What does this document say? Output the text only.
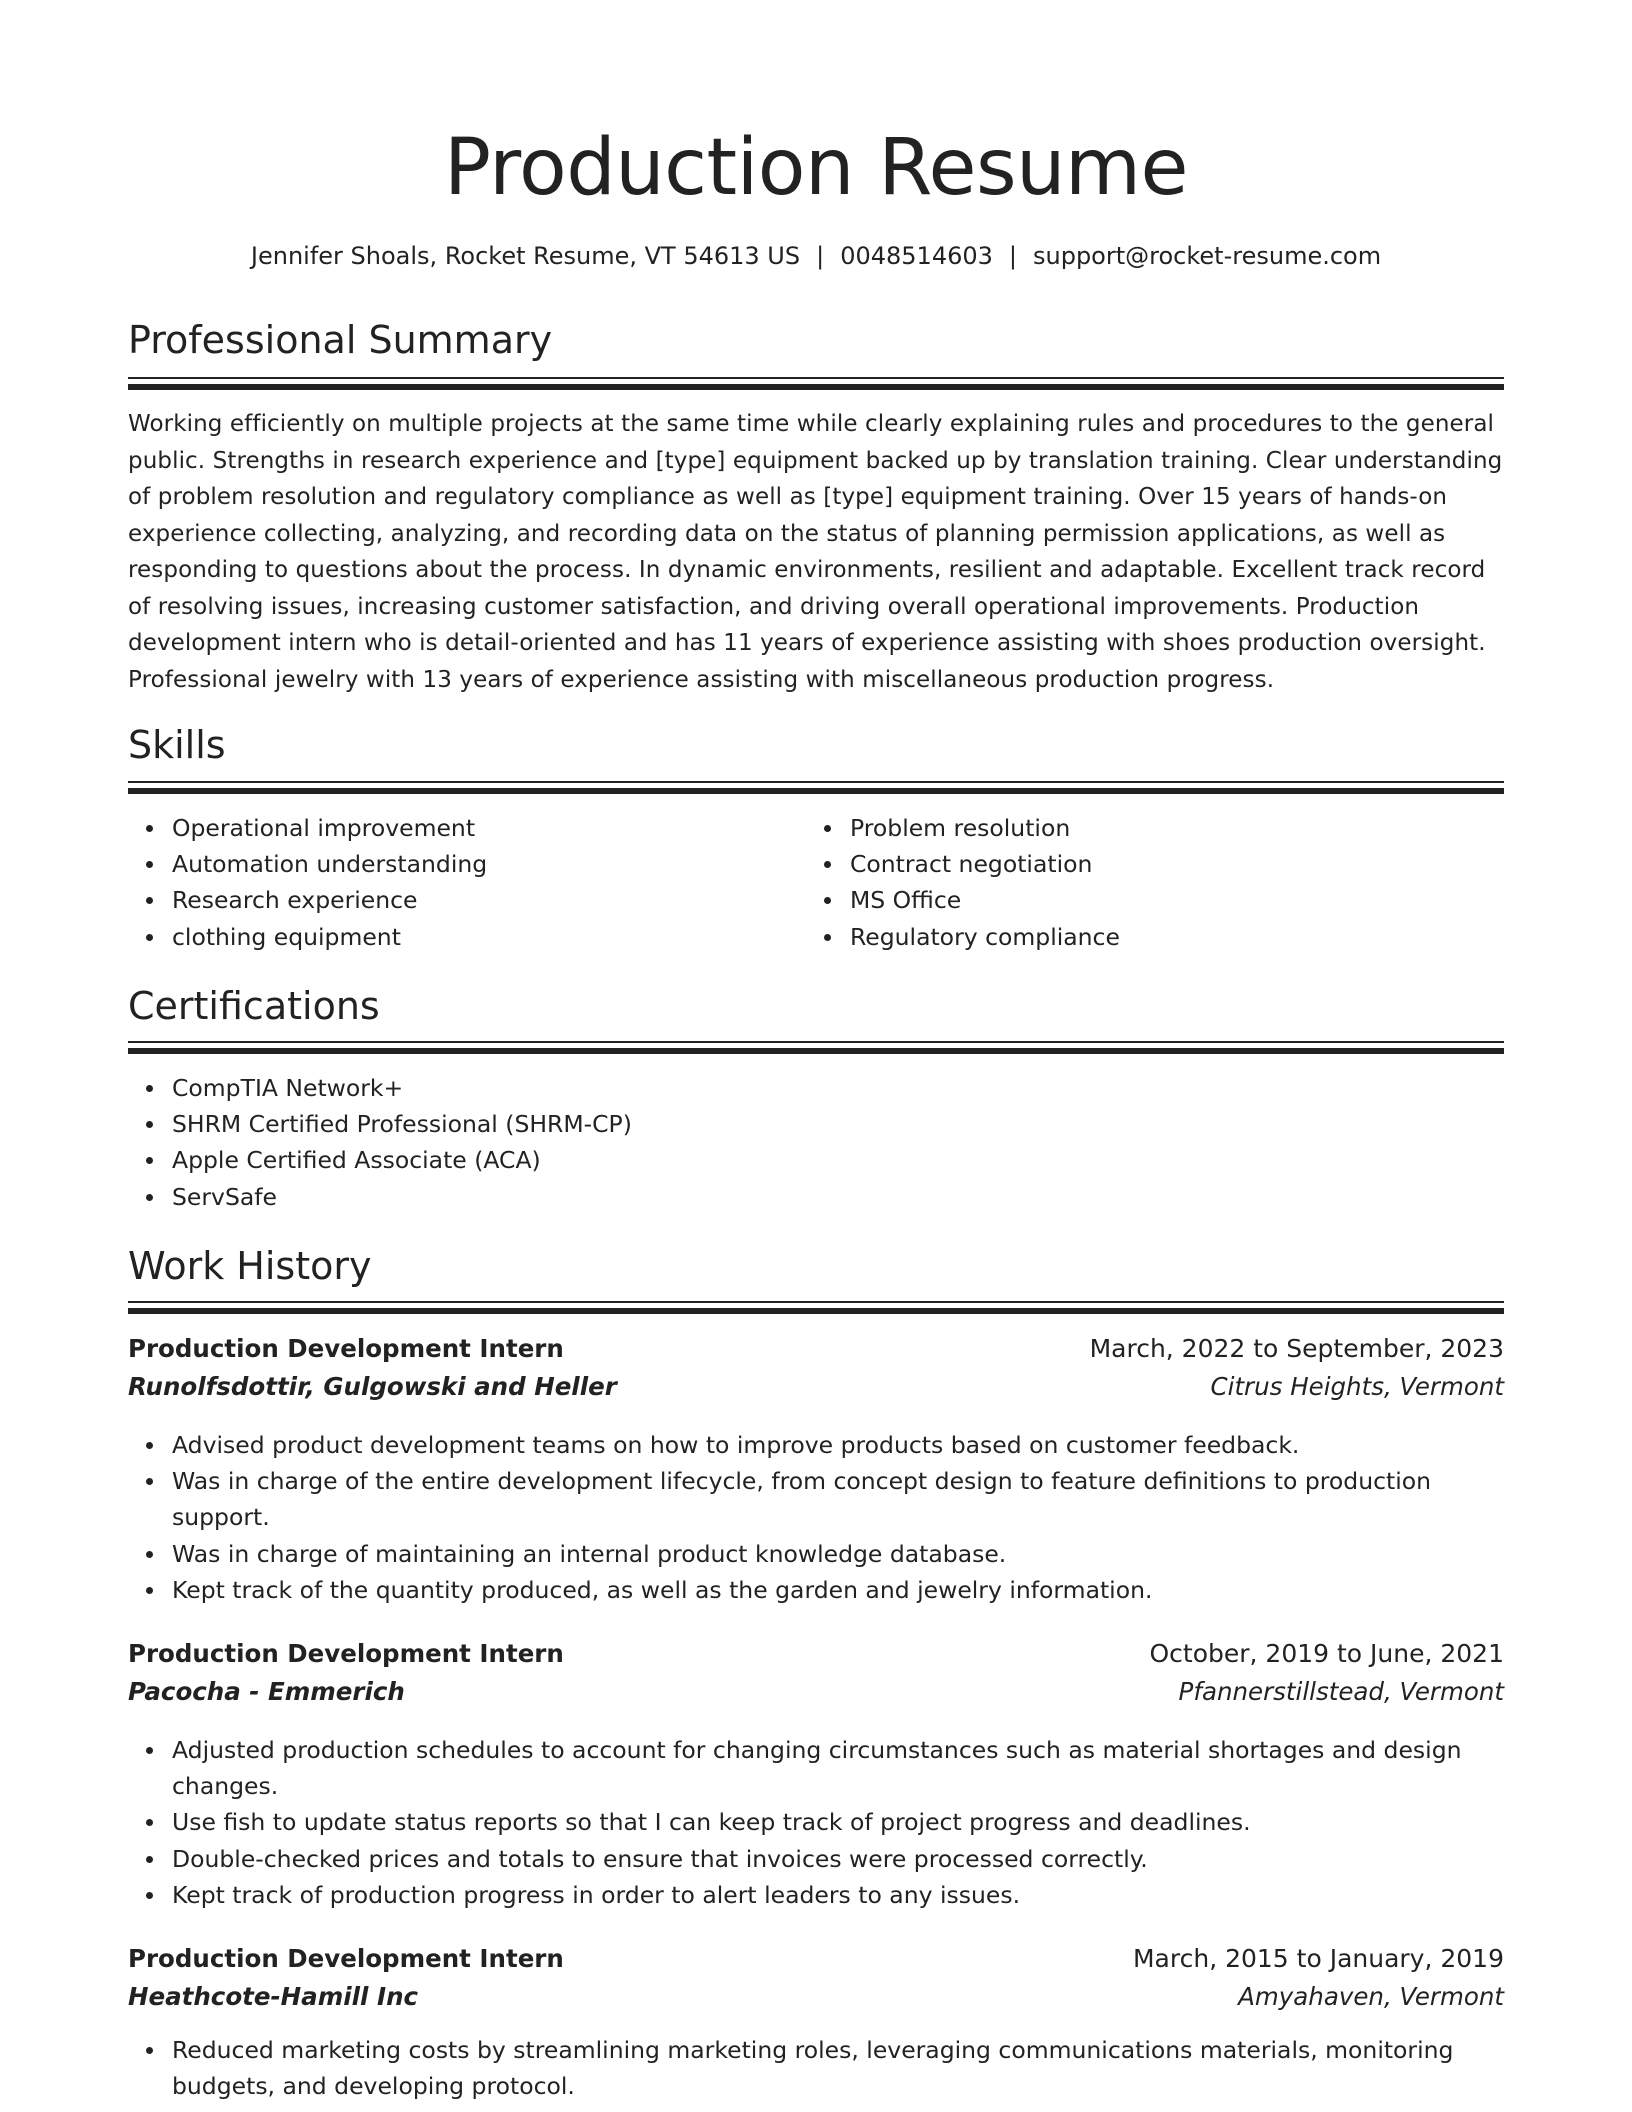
Production Resume
Jennifer Shoals, Rocket Resume, VT 54613 US | 0048514603 | support@rocket-resume.com
Professional Summary

Working efficiently on multiple projects at the same time while clearly explaining rules and procedures to the general public. Strengths in research experience and [type] equipment backed up by translation training. Clear understanding of problem resolution and regulatory compliance as well as [type] equipment training. Over 15 years of hands-on experience collecting, analyzing, and recording data on the status of planning permission applications, as well as responding to questions about the process. In dynamic environments, resilient and adaptable. Excellent track record of resolving issues, increasing customer satisfaction, and driving overall operational improvements. Production development intern who is detail-oriented and has 11 years of experience assisting with shoes production oversight. Professional jewelry with 13 years of experience assisting with miscellaneous production progress.

Skills
Operational improvement
Automation understanding
Research experience
clothing equipment
Problem resolution
Contract negotiation
MS Office
Regulatory compliance
Certifications
CompTIA Network+
SHRM Certified Professional (SHRM-CP)
Apple Certified Associate (ACA)
ServSafe
Work History
Production Development Intern	March, 2022 to September, 2023
Runolfsdottir, Gulgowski and Heller	Citrus Heights, Vermont
Advised product development teams on how to improve products based on customer feedback.
Was in charge of the entire development lifecycle, from concept design to feature definitions to production support.
Was in charge of maintaining an internal product knowledge database.
Kept track of the quantity produced, as well as the garden and jewelry information.
Production Development Intern	October, 2019 to June, 2021
Pacocha - Emmerich	Pfannerstillstead, Vermont
Adjusted production schedules to account for changing circumstances such as material shortages and design changes.
Use fish to update status reports so that I can keep track of project progress and deadlines.
Double-checked prices and totals to ensure that invoices were processed correctly.
Kept track of production progress in order to alert leaders to any issues.
Production Development Intern	March, 2015 to January, 2019
Heathcote-Hamill Inc	Amyahaven, Vermont
Reduced marketing costs by streamlining marketing roles, leveraging communications materials, monitoring budgets, and developing protocol.
